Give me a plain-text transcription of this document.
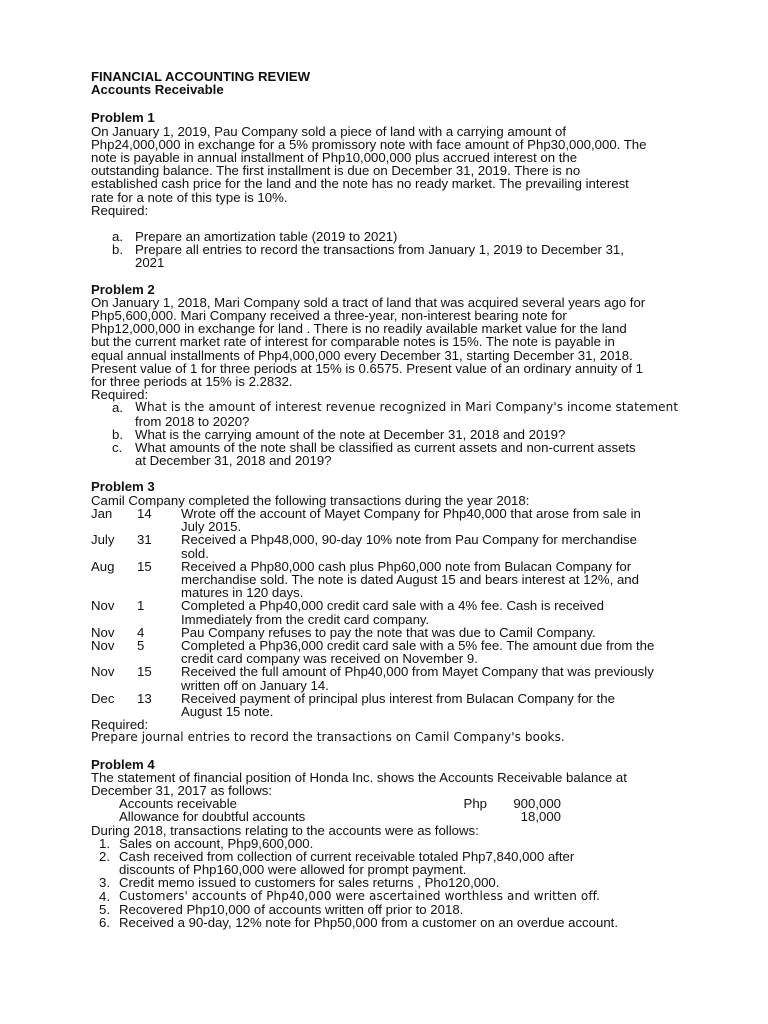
FINANCIAL ACCOUNTING REVIEW

Accounts Receivable

Problem 1

On January 1, 2019, Pau Company sold a piece of land with a carrying amount of

Php24,000,000 in exchange for a 5% promissory note with face amount of Php30,000,000. The

note is payable in annual installment of Php10,000,000 plus accrued interest on the

outstanding balance. The first installment is due on December 31, 2019. There is no

established cash price for the land and the note has no ready market. The prevailing interest

rate for a note of this type is 10%.

Required:

a. Prepare an amortization table (2019 to 2021)

b. Prepare all entries to record the transactions from January 1, 2019 to December 31,

2021

Problem 2

On January 1, 2018, Mari Company sold a tract of land that was acquired several years ago for

Php5,600,000. Mari Company received a three-year, non-interest bearing note for

Php12,000,000 in exchange for land . There is no readily available market value for the land

but the current market rate of interest for comparable notes is 15%. The note is payable in

equal annual installments of Php4,000,000 every December 31, starting December 31, 2018.

Present value of 1 for three periods at 15% is 0.6575. Present value of an ordinary annuity of 1

for three periods at 15% is 2.2832.

Required:

a. What is the amount of interest revenue recognized in Mari Company's income statement

from 2018 to 2020?

b. What is the carrying amount of the note at December 31, 2018 and 2019?

c. What amounts of the note shall be classified as current assets and non-current assets

at December 31, 2018 and 2019?

Problem 3

Camil Company completed the following transactions during the year 2018:

Jan	14	Wrote off the account of Mayet Company for Php40,000 that arose from sale in

July 2015.

July	31	Received a Php48,000, 90-day 10% note from Pau Company for merchandise

sold.

Aug	15	Received a Php80,000 cash plus Php60,000 note from Bulacan Company for

merchandise sold. The note is dated August 15 and bears interest at 12%, and

matures in 120 days.

Nov	1	Completed a Php40,000 credit card sale with a 4% fee. Cash is received

Immediately from the credit card company.

Nov	4	Pau Company refuses to pay the note that was due to Camil Company.

Nov	5	Completed a Php36,000 credit card sale with a 5% fee. The amount due from the

credit card company was received on November 9.

Nov	15	Received the full amount of Php40,000 from Mayet Company that was previously

written off on January 14.

Dec	13	Received payment of principal plus interest from Bulacan Company for the

August 15 note.

Required:

Prepare journal entries to record the transactions on Camil Company's books.

Problem 4

The statement of financial position of Honda Inc. shows the Accounts Receivable balance at

December 31, 2017 as follows:

Accounts receivable	Php	900,000
Allowance for doubtful accounts	18,000

During 2018, transactions relating to the accounts were as follows:

1. Sales on account, Php9,600,000.

2. Cash received from collection of current receivable totaled Php7,840,000 after

discounts of Php160,000 were allowed for prompt payment.

3. Credit memo issued to customers for sales returns , Pho120,000.

4. Customers' accounts of Php40,000 were ascertained worthless and written off.

5. Recovered Php10,000 of accounts written off prior to 2018.

6. Received a 90-day, 12% note for Php50,000 from a customer on an overdue account.
